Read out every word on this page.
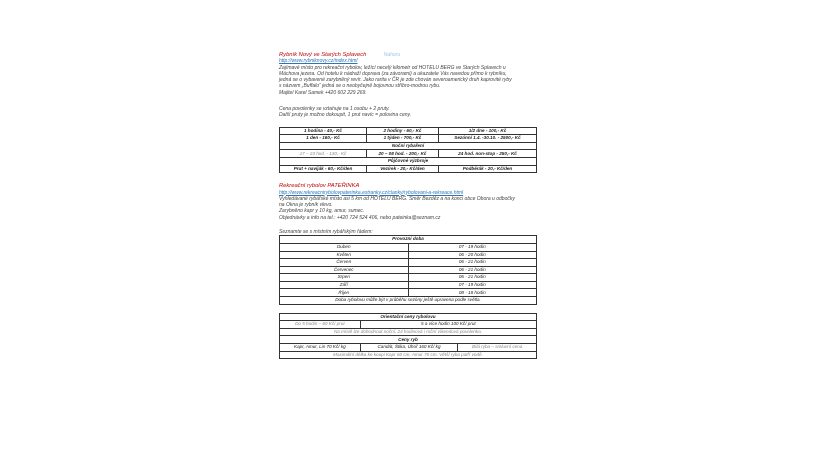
Rybník Nový ve Starých Splavech	Nahoru

http://www.rybniknovy.cz/index.html

Zajímavé místo pro rekreační rybolov, ležící necelý kilometr od HOTELU BERG ve Starých Splavech u

Máchova jezera. Od hotelu k nádraží doprava (za závorami) a ukazatele Vás navedou přímo k rybníku,

jedná se o vybavené zarybněný revír. Jako rarita v ČR je zde chován severoamerický druh kaprovité ryby

s názvem „Buffalo“ jedná se o neobyčejně bojovnou stříbro-modrou rybu.

Majitel Karel Samek +420 602 229 269.

Cena povolenky se vztahuje na 1 osobu + 2 pruty.

Další pruty je možno dokoupit, 1 prut navíc = polovina ceny.

1 hodina - 40,- Kč	2 hodiny - 60,- Kč	1/2 dne - 100,- Kč
1 den - 160,- Kč	1 týden - 700,- Kč	Sezónní 1.4. -30.10. - 2500,- Kč
Noční rybaření		
17 – 23 hod. - 130,- Kč	20 – 08 hod. - 200,- Kč	24 hod. non-stop - 250,- Kč
Půjčovné výzbroje		
Prut + navíják - 60,- Kč/den	Vezírek - 20,- Kč/den	Podběrák - 20,- Kč/den

Rekreační rybolov PATEŘINKA

http://www.rekreacnirybolovpaterinka.estranky.cz/clanky/rybolovani-a-rekreace.html

Vyhledávané rybářské místo asi 5 km od HOTELU BERG. Směr Bezděz a na konci obce Obora u odbočky

na Okna je rybník vlevo.

Zarybněno kapr y 10 kg, amur, sumec.

Objednávky a info na tel.: +420 724 524 406, nebo pateinka@seznam.cz

Seznamte se s místním rybářským řádem:

Provozní doba	
Duben	07 - 19 hodin
Květen	06 - 20 hodin
Červen	06 - 21 hodin
Červenec	06 - 21 hodin
Srpen	06 - 21 hodin
Září	07 - 19 hodin
Říjen	08 - 18 hodin
Doba rybolovu může být v průběhu sezóny ještě upravena podle světla.	
Orientační ceny rybolovu		
Do 5 hodin – 60 Kč/ prut	5 a více hodin 100 Kč/ prut	
Na místě lze dohodnout noční, 24 hodinová i roční víkendová povolenka.		
Ceny ryb		
Kapr, Amur, Lin 70 Kč/ kg	Candát, Štika, Úhoř 160 Kč/ kg	Bílá ryba – smluvní cena
Maximální délka ke koupi Kapr 60 cm, Amur 70 cm. Větší ryba patří vodě.		
